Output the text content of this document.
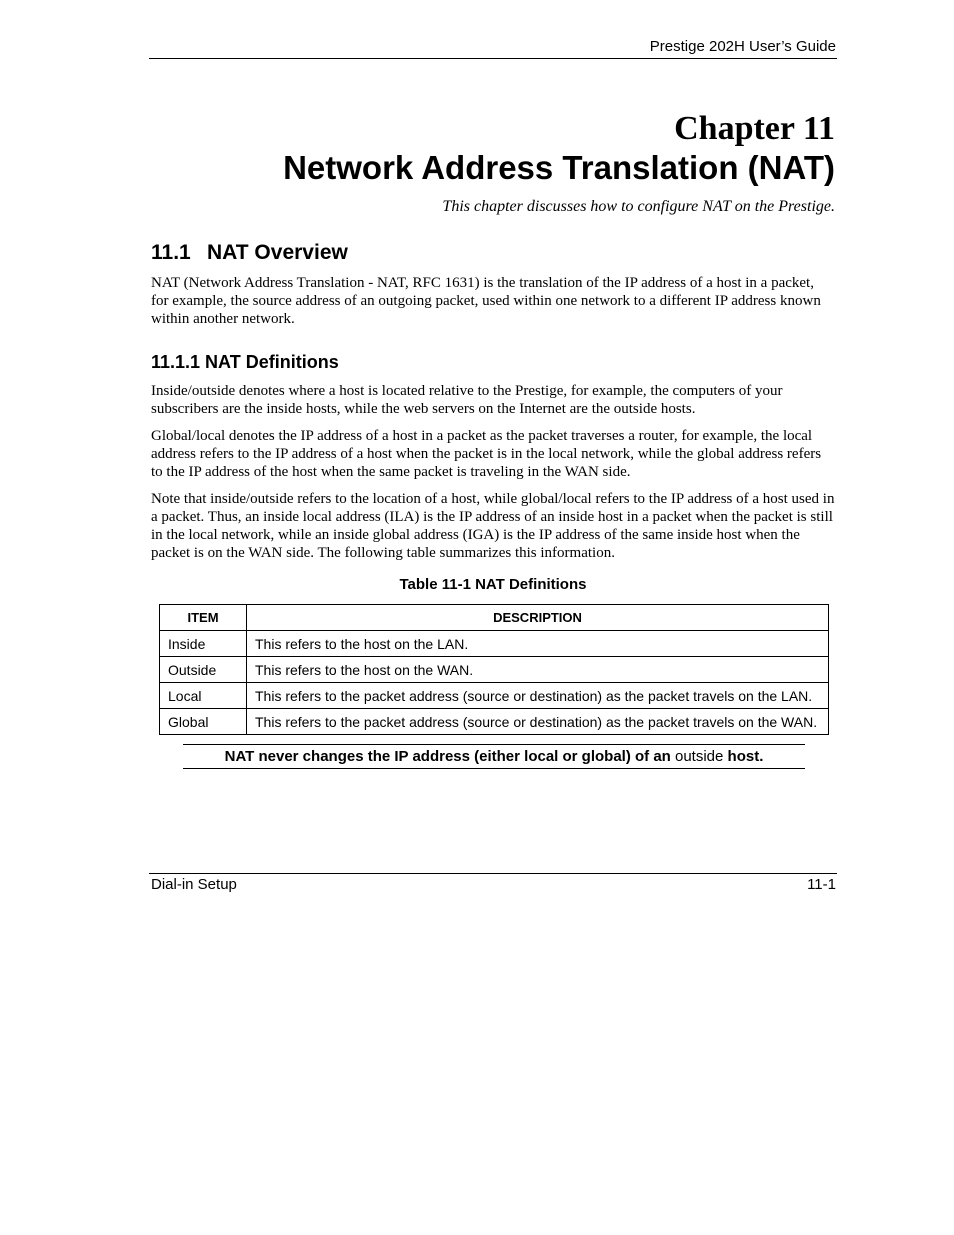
Prestige 202H User’s Guide
Chapter 11
Network Address Translation (NAT)
This chapter discusses how to configure NAT on the Prestige.
11.1 NAT Overview

NAT (Network Address Translation - NAT, RFC 1631) is the translation of the IP address of a host in a packet, for example, the source address of an outgoing packet, used within one network to a different IP address known within another network.

11.1.1 NAT Definitions

Inside/outside denotes where a host is located relative to the Prestige, for example, the computers of your subscribers are the inside hosts, while the web servers on the Internet are the outside hosts.

Global/local denotes the IP address of a host in a packet as the packet traverses a router, for example, the local address refers to the IP address of a host when the packet is in the local network, while the global address refers to the IP address of the host when the same packet is traveling in the WAN side.

Note that inside/outside refers to the location of a host, while global/local refers to the IP address of a host used in a packet. Thus, an inside local address (ILA) is the IP address of an inside host in a packet when the packet is still in the local network, while an inside global address (IGA) is the IP address of the same inside host when the packet is on the WAN side. The following table summarizes this information.

Table 11-1 NAT Definitions
ITEM	DESCRIPTION
Inside	This refers to the host on the LAN.
Outside	This refers to the host on the WAN.
Local	This refers to the packet address (source or destination) as the packet travels on the LAN.
Global	This refers to the packet address (source or destination) as the packet travels on the WAN.
NAT never changes the IP address (either local or global) of an outside host.
Dial-in Setup	11-1
